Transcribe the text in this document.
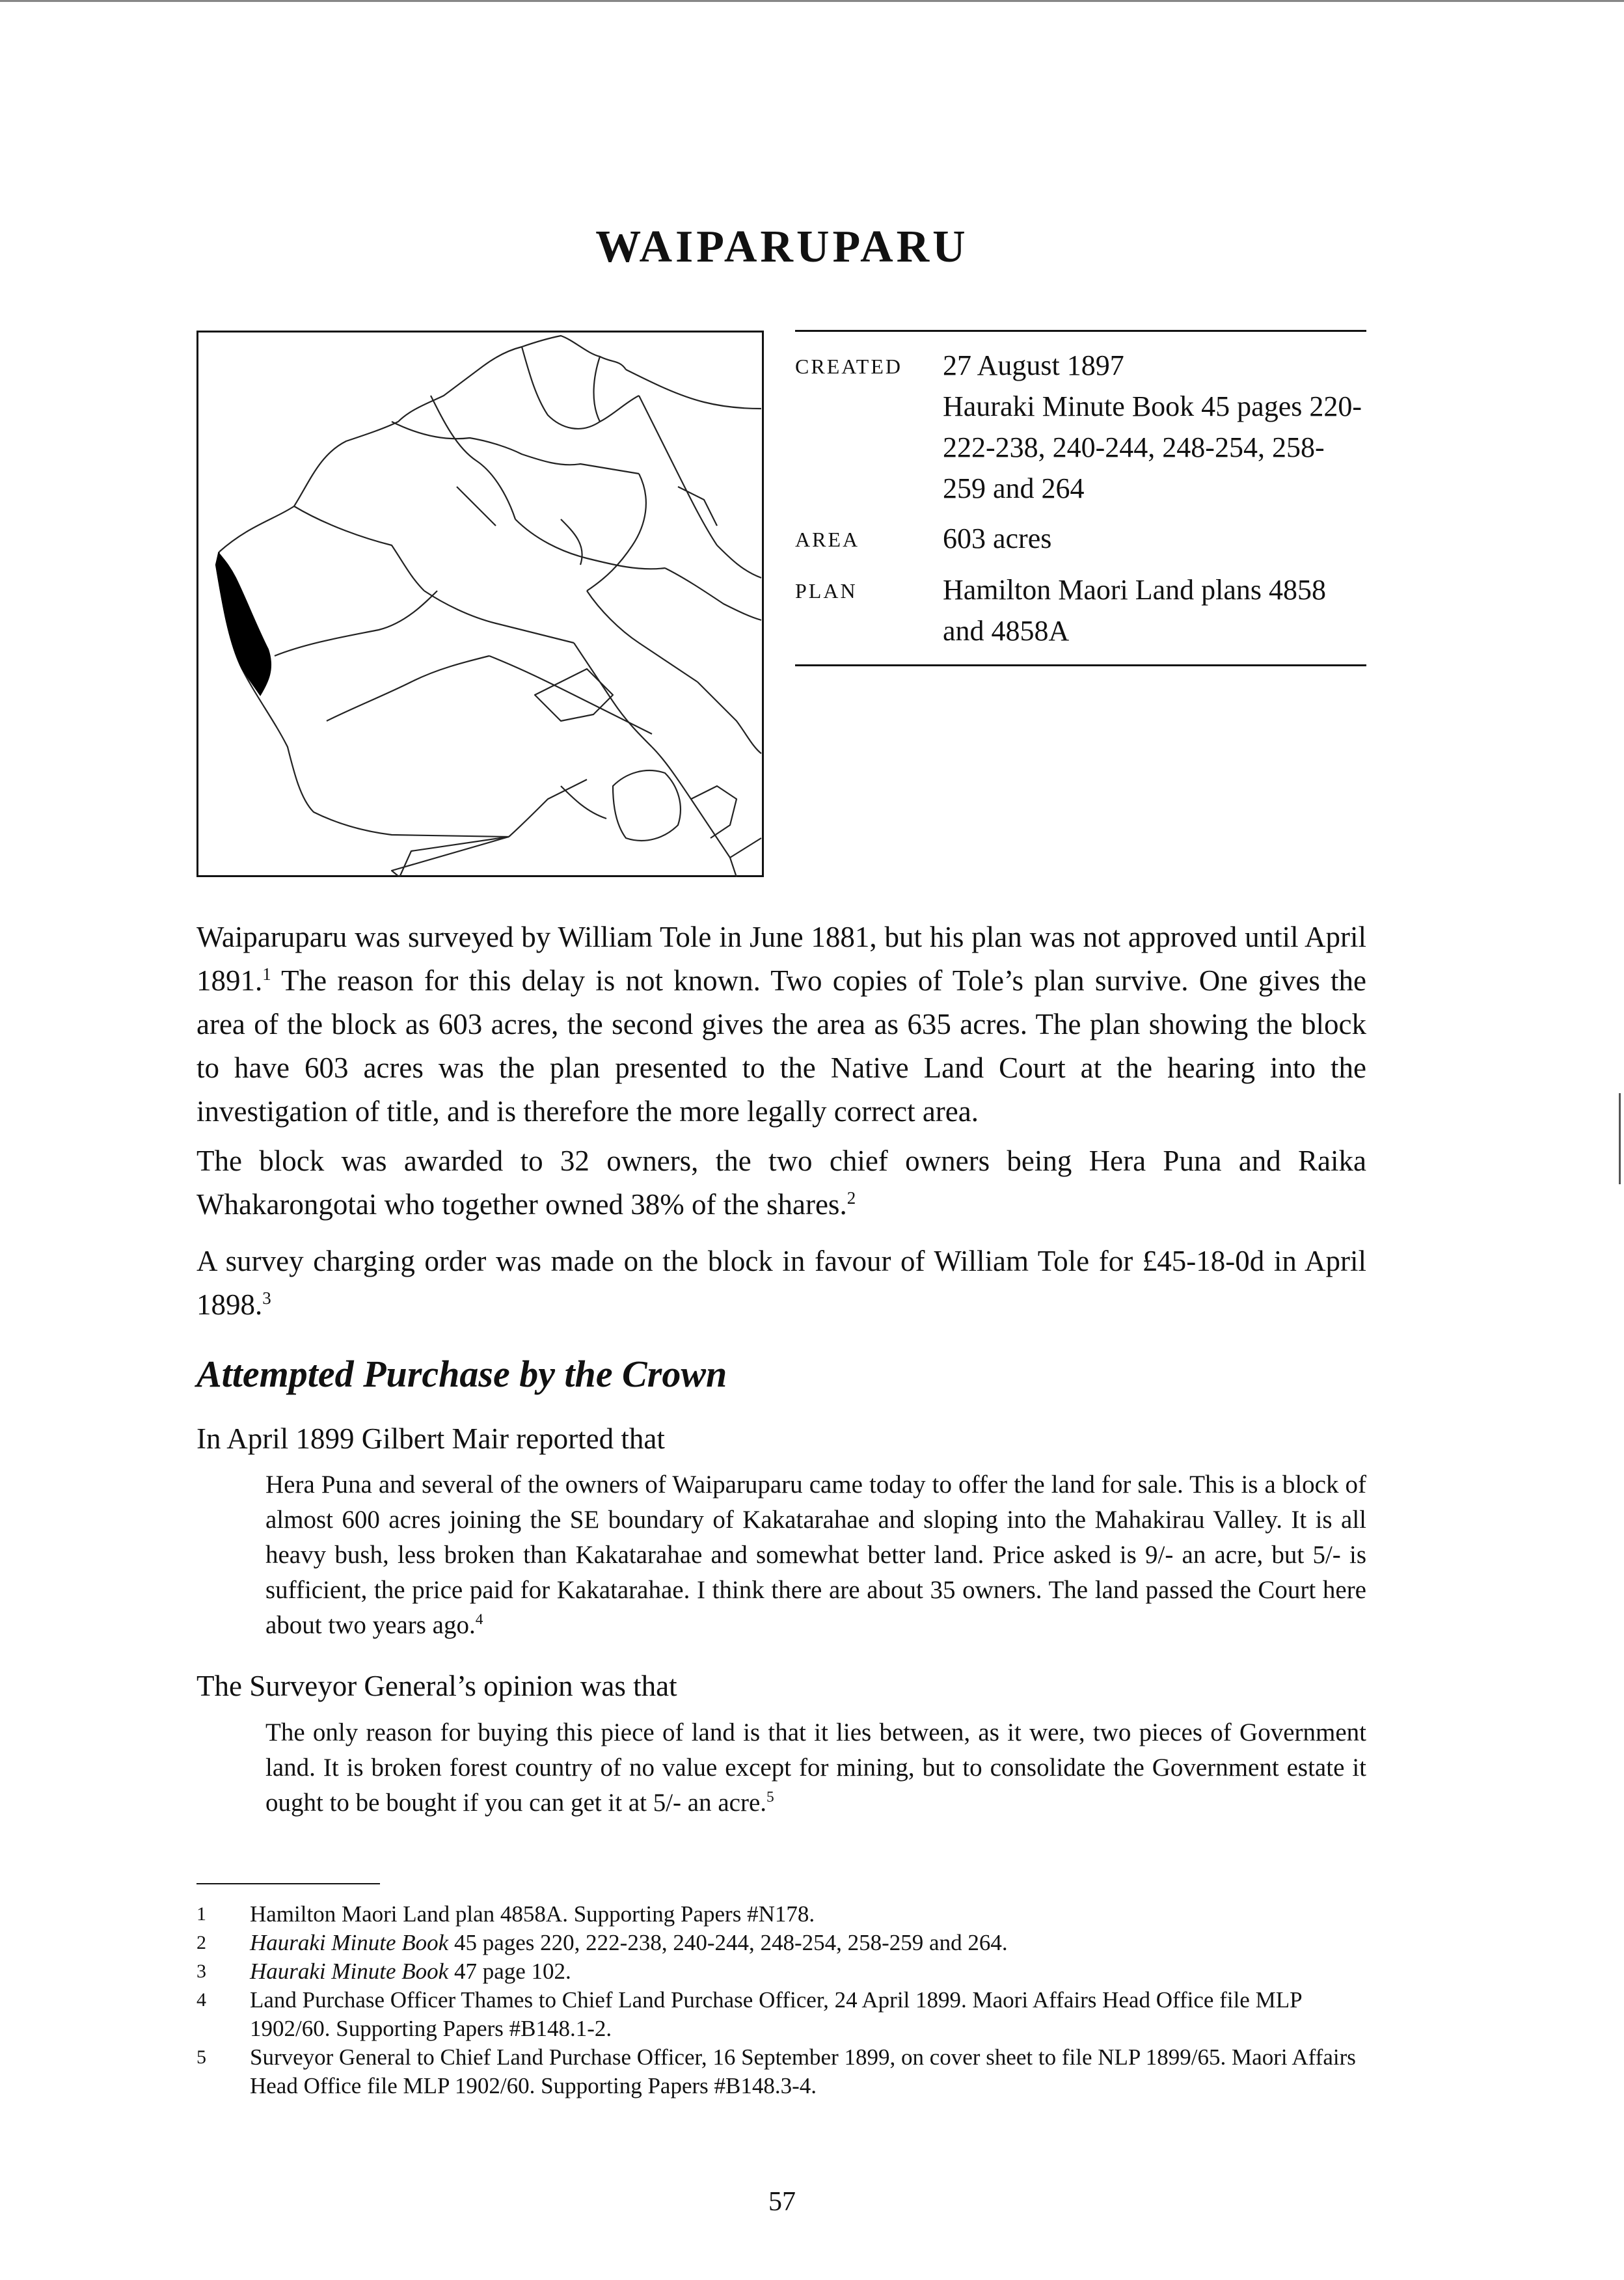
WAIPARUPARU
CREATED	27 August 1897
Hauraki Minute Book 45 pages 220-222-238, 240-244, 248-254, 258-259 and 264
AREA	603 acres
PLAN	Hamilton Maori Land plans 4858 and 4858A
Waiparuparu was surveyed by William Tole in June 1881, but his plan was not approved until April 1891.$^1$ The reason for this delay is not known. Two copies of Tole’s plan survive. One gives the area of the block as 603 acres, the second gives the area as 635 acres. The plan showing the block to have 603 acres was the plan presented to the Native Land Court at the hearing into the investigation of title, and is therefore the more legally correct area.
The block was awarded to 32 owners, the two chief owners being Hera Puna and Raika Whakarongotai who together owned 38% of the shares.$^2$
A survey charging order was made on the block in favour of William Tole for £45-18-0d in April 1898.$^3$
Attempted Purchase by the Crown
In April 1899 Gilbert Mair reported that
Hera Puna and several of the owners of Waiparuparu came today to offer the land for sale. This is a block of almost 600 acres joining the SE boundary of Kakatarahae and sloping into the Mahakirau Valley. It is all heavy bush, less broken than Kakatarahae and somewhat better land. Price asked is 9/- an acre, but 5/- is sufficient, the price paid for Kakatarahae. I think there are about 35 owners. The land passed the Court here about two years ago.$^4$
The Surveyor General’s opinion was that
The only reason for buying this piece of land is that it lies between, as it were, two pieces of Government land. It is broken forest country of no value except for mining, but to consolidate the Government estate it ought to be bought if you can get it at 5/- an acre.$^5$
1	Hamilton Maori Land plan 4858A. Supporting Papers #N178.
2	Hauraki Minute Book 45 pages 220, 222-238, 240-244, 248-254, 258-259 and 264.
3	Hauraki Minute Book 47 page 102.
4	Land Purchase Officer Thames to Chief Land Purchase Officer, 24 April 1899. Maori Affairs Head Office file MLP 1902/60. Supporting Papers #B148.1-2.
5	Surveyor General to Chief Land Purchase Officer, 16 September 1899, on cover sheet to file NLP 1899/65. Maori Affairs Head Office file MLP 1902/60. Supporting Papers #B148.3-4.
57
